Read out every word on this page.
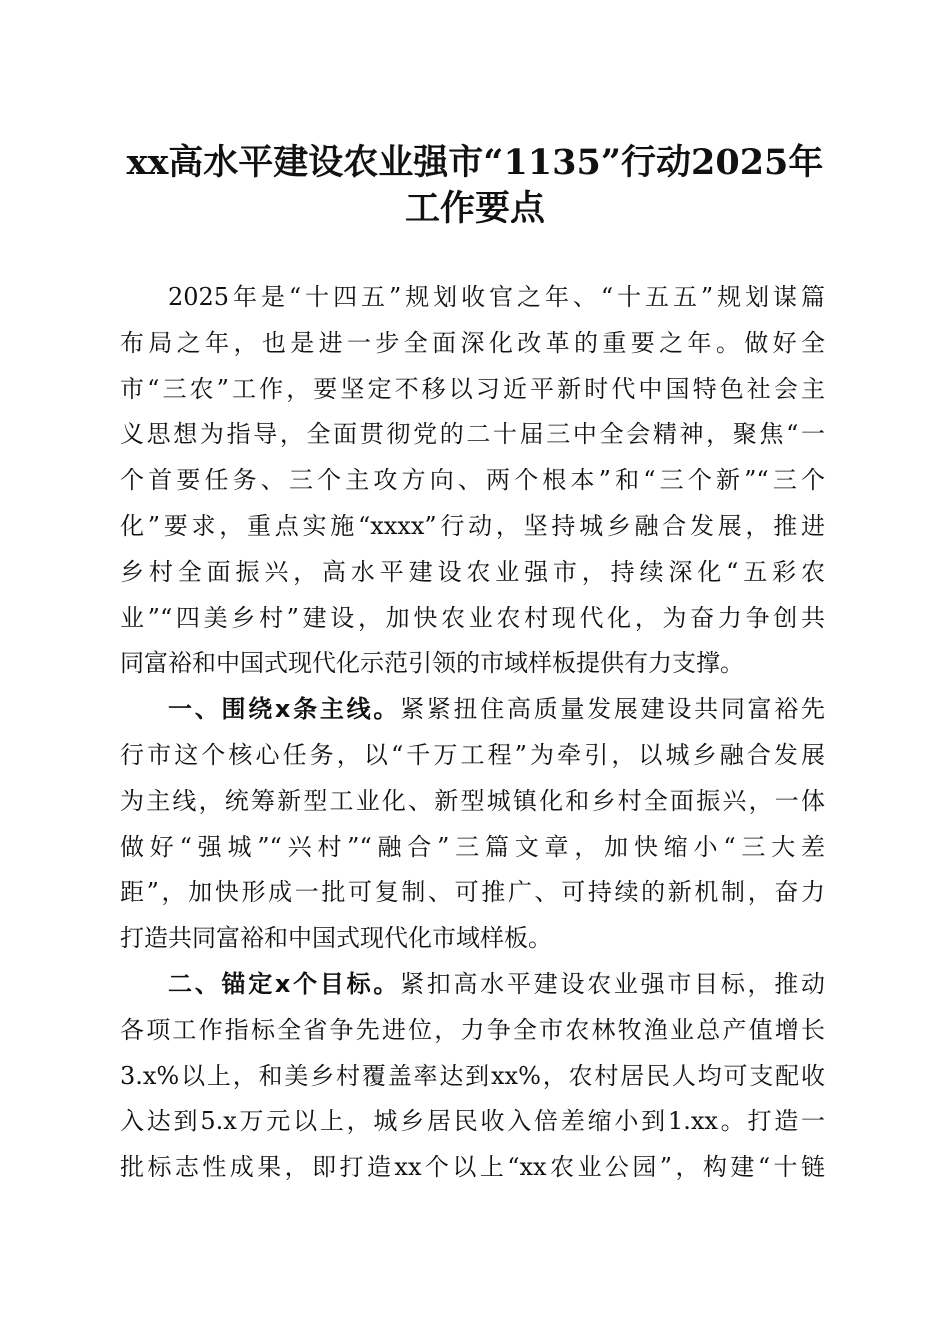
xx高水平建设农业强市“1135”行动2025年
工作要点
2025年是“十四五”规划收官之年、“十五五”规划谋篇
布局之年，也是进一步全面深化改革的重要之年。做好全
市“三农”工作，要坚定不移以习近平新时代中国特色社会主
义思想为指导，全面贯彻党的二十届三中全会精神，聚焦“一
个首要任务、三个主攻方向、两个根本”和“三个新”“三个
化”要求，重点实施“xxxx”行动，坚持城乡融合发展，推进
乡村全面振兴，高水平建设农业强市，持续深化“五彩农
业”“四美乡村”建设，加快农业农村现代化，为奋力争创共
同富裕和中国式现代化示范引领的市域样板提供有力支撑。
一、围绕x条主线。紧紧扭住高质量发展建设共同富裕先
行市这个核心任务，以“千万工程”为牵引，以城乡融合发展
为主线，统筹新型工业化、新型城镇化和乡村全面振兴，一体
做好“强城”“兴村”“融合”三篇文章，加快缩小“三大差
距”，加快形成一批可复制、可推广、可持续的新机制，奋力
打造共同富裕和中国式现代化市域样板。
二、锚定x个目标。紧扣高水平建设农业强市目标，推动
各项工作指标全省争先进位，力争全市农林牧渔业总产值增长
3.x%以上，和美乡村覆盖率达到xx%，农村居民人均可支配收
入达到5.x万元以上，城乡居民收入倍差缩小到1.xx。打造一
批标志性成果，即打造xx个以上“xx农业公园”，构建“十链
